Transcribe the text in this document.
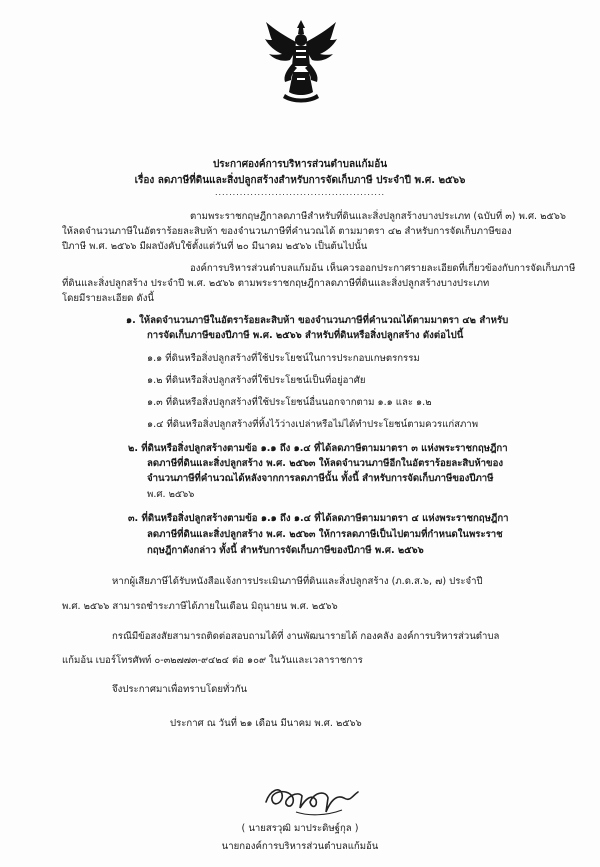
ประกาศองค์การบริหารส่วนตำบลแก้มอ้น
เรื่อง ลดภาษีที่ดินและสิ่งปลูกสร้างสำหรับการจัดเก็บภาษี ประจำปี พ.ศ. ๒๕๖๖
................................................
ตามพระราชกฤษฎีกาลดภาษีสำหรับที่ดินและสิ่งปลูกสร้างบางประเภท (ฉบับที่ ๓) พ.ศ. ๒๕๖๖
ให้ลดจำนวนภาษีในอัตราร้อยละสิบห้า ของจำนวนภาษีที่คำนวณได้ ตามมาตรา ๔๒ สำหรับการจัดเก็บภาษีของ
ปีภาษี พ.ศ. ๒๕๖๖ มีผลบังคับใช้ตั้งแต่วันที่ ๒๐ มีนาคม ๒๕๖๖ เป็นต้นไปนั้น
องค์การบริหารส่วนตำบลแก้มอ้น เห็นควรออกประกาศรายละเอียดที่เกี่ยวข้องกับการจัดเก็บภาษี
ที่ดินและสิ่งปลูกสร้าง ประจำปี พ.ศ. ๒๕๖๖ ตามพระราชกฤษฎีกาลดภาษีที่ดินและสิ่งปลูกสร้างบางประเภท
โดยมีรายละเอียด ดังนี้
๑. ให้ลดจำนวนภาษีในอัตราร้อยละสิบห้า ของจำนวนภาษีที่คำนวณได้ตามมาตรา ๔๒ สำหรับ
การจัดเก็บภาษีของปีภาษี พ.ศ. ๒๕๖๖ สำหรับที่ดินหรือสิ่งปลูกสร้าง ดังต่อไปนี้
๑.๑ ที่ดินหรือสิ่งปลูกสร้างที่ใช้ประโยชน์ในการประกอบเกษตรกรรม
๑.๒ ที่ดินหรือสิ่งปลูกสร้างที่ใช้ประโยชน์เป็นที่อยู่อาศัย
๑.๓ ที่ดินหรือสิ่งปลูกสร้างที่ใช้ประโยชน์อื่นนอกจากตาม ๑.๑ และ ๑.๒
๑.๔ ที่ดินหรือสิ่งปลูกสร้างที่ทิ้งไว้ว่างเปล่าหรือไม่ได้ทำประโยชน์ตามควรแก่สภาพ
๒. ที่ดินหรือสิ่งปลูกสร้างตามข้อ ๑.๑ ถึง ๑.๔ ที่ได้ลดภาษีตามมาตรา ๓ แห่งพระราชกฤษฎีกา
ลดภาษีที่ดินและสิ่งปลูกสร้าง พ.ศ. ๒๕๖๓ ให้ลดจำนวนภาษีอีกในอัตราร้อยละสิบห้าของ
จำนวนภาษีที่คำนวณได้หลังจากการลดภาษีนั้น ทั้งนี้ สำหรับการจัดเก็บภาษีของปีภาษี
พ.ศ. ๒๕๖๖
๓. ที่ดินหรือสิ่งปลูกสร้างตามข้อ ๑.๑ ถึง ๑.๔ ที่ได้ลดภาษีตามมาตรา ๔ แห่งพระราชกฤษฎีกา
ลดภาษีที่ดินและสิ่งปลูกสร้าง พ.ศ. ๒๕๖๓ ให้การลดภาษีเป็นไปตามที่กำหนดในพระราช
กฤษฎีกาดังกล่าว ทั้งนี้ สำหรับการจัดเก็บภาษีของปีภาษี พ.ศ. ๒๕๖๖
หากผู้เสียภาษีได้รับหนังสือแจ้งการประเมินภาษีที่ดินและสิ่งปลูกสร้าง (ภ.ด.ส.๖, ๗) ประจำปี
พ.ศ. ๒๕๖๖ สามารถชำระภาษีได้ภายในเดือน มิถุนายน พ.ศ. ๒๕๖๖
กรณีมีข้อสงสัยสามารถติดต่อสอบถามได้ที่ งานพัฒนารายได้ กองคลัง องค์การบริหารส่วนตำบล
แก้มอ้น เบอร์โทรศัพท์ ๐-๓๒๗๗๓-๙๔๒๔ ต่อ ๑๐๙ ในวันและเวลาราชการ
จึงประกาศมาเพื่อทราบโดยทั่วกัน
ประกาศ ณ วันที่ ๒๑ เดือน มีนาคม พ.ศ. ๒๕๖๖
( นายสรวุฒิ มาประดิษฐ์กุล )
นายกองค์การบริหารส่วนตำบลแก้มอ้น
